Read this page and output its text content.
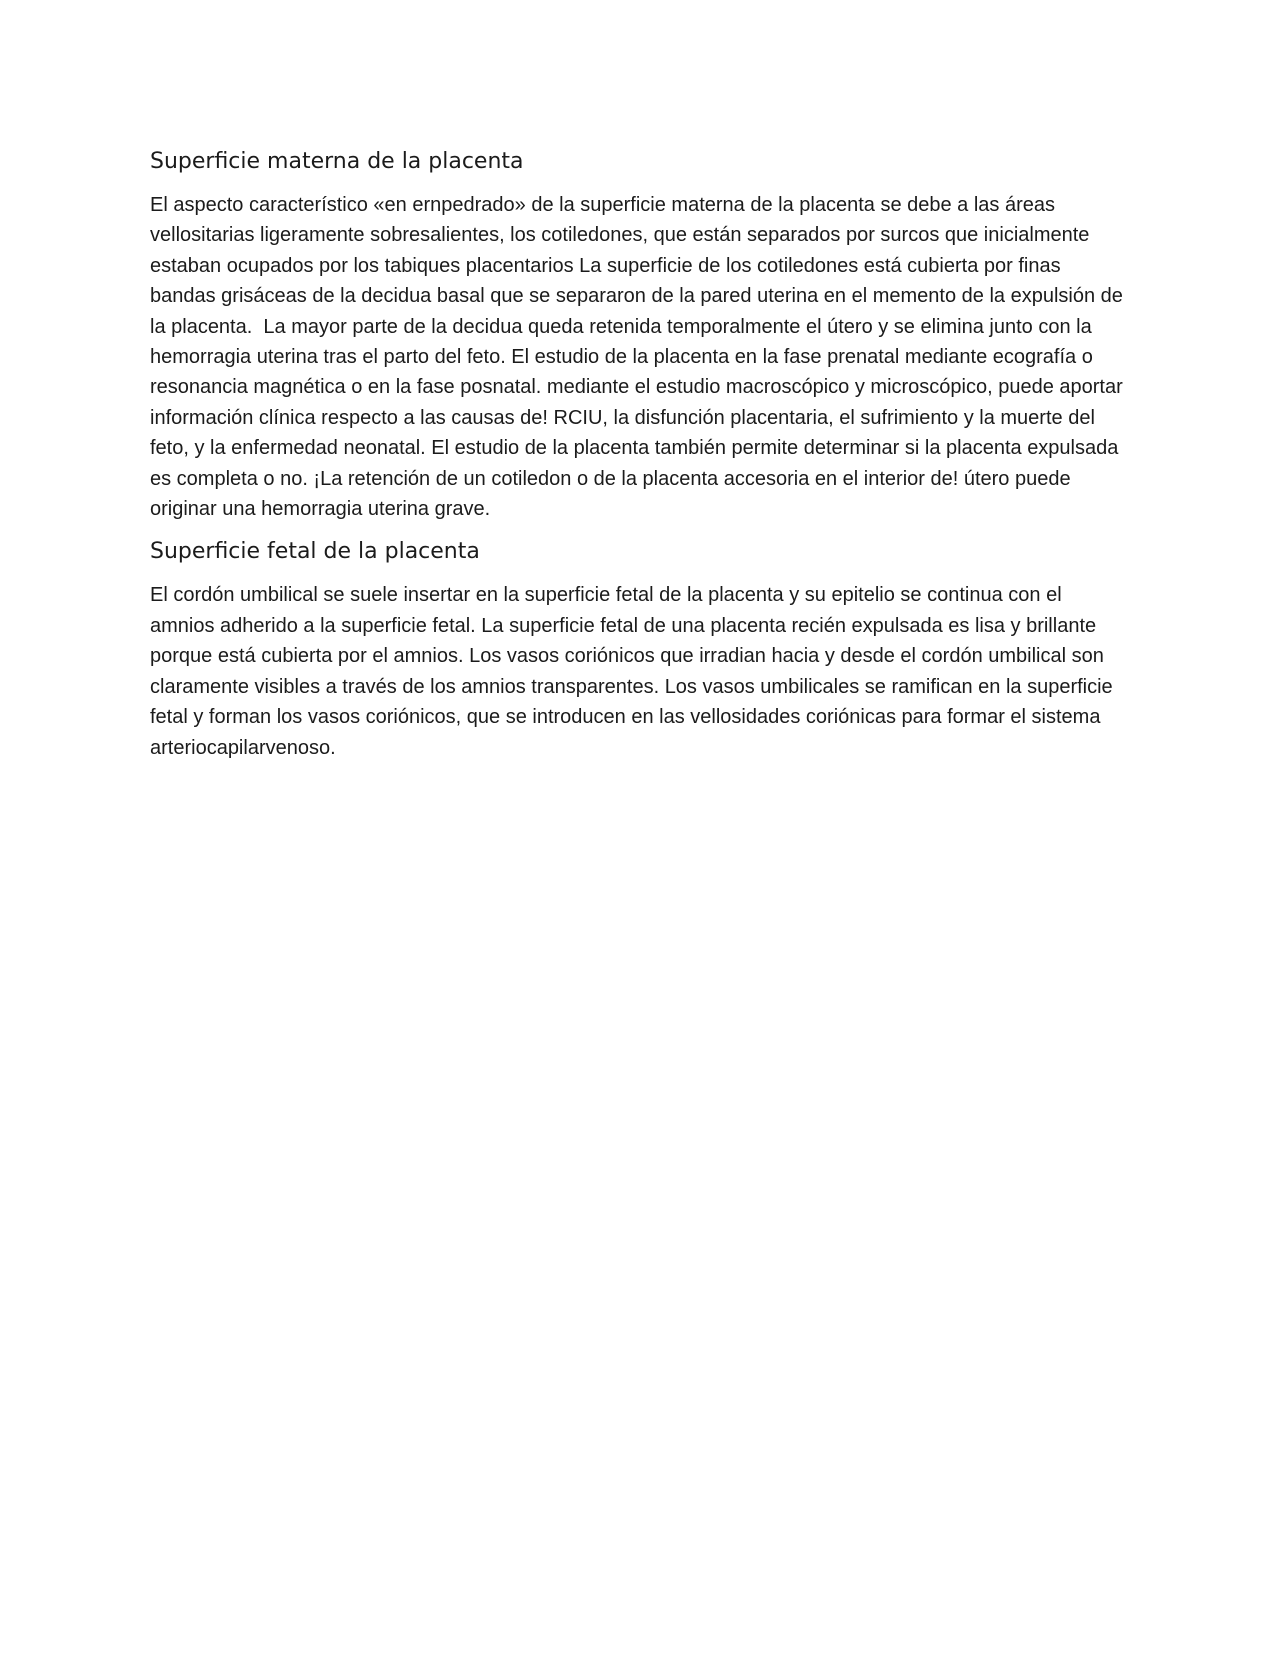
Superficie materna de la placenta

El aspecto característico «en ernpedrado» de la superficie materna de la placenta se debe a las áreas vellositarias ligeramente sobresalientes, los cotiledones, que están separados por surcos que inicialmente estaban ocupados por los tabiques placentarios La superficie de los cotiledones está cubierta por finas bandas grisáceas de la decidua basal que se separaron de la pared uterina en el memento de la expulsión de la placenta.  La mayor parte de la decidua queda retenida temporalmente el útero y se elimina junto con la hemorragia uterina tras el parto del feto. El estudio de la placenta en la fase prenatal mediante ecografía o resonancia magnética o en la fase posnatal. mediante el estudio macroscópico y microscópico, puede aportar información clínica respecto a las causas de! RCIU, la disfunción placentaria, el sufrimiento y la muerte del feto, y la enfermedad neonatal. El estudio de la placenta también permite determinar si la placenta expulsada es completa o no. ¡La retención de un cotiledon o de la placenta accesoria en el interior de! útero puede originar una hemorragia uterina grave.

Superficie fetal de la placenta

El cordón umbilical se suele insertar en la superficie fetal de la placenta y su epitelio se continua con el amnios adherido a la superficie fetal. La superficie fetal de una placenta recién expulsada es lisa y brillante porque está cubierta por el amnios. Los vasos coriónicos que irradian hacia y desde el cordón umbilical son claramente visibles a través de los amnios transparentes. Los vasos umbilicales se ramifican en la superficie fetal y forman los vasos coriónicos, que se introducen en las vellosidades coriónicas para formar el sistema arteriocapilarvenoso.
